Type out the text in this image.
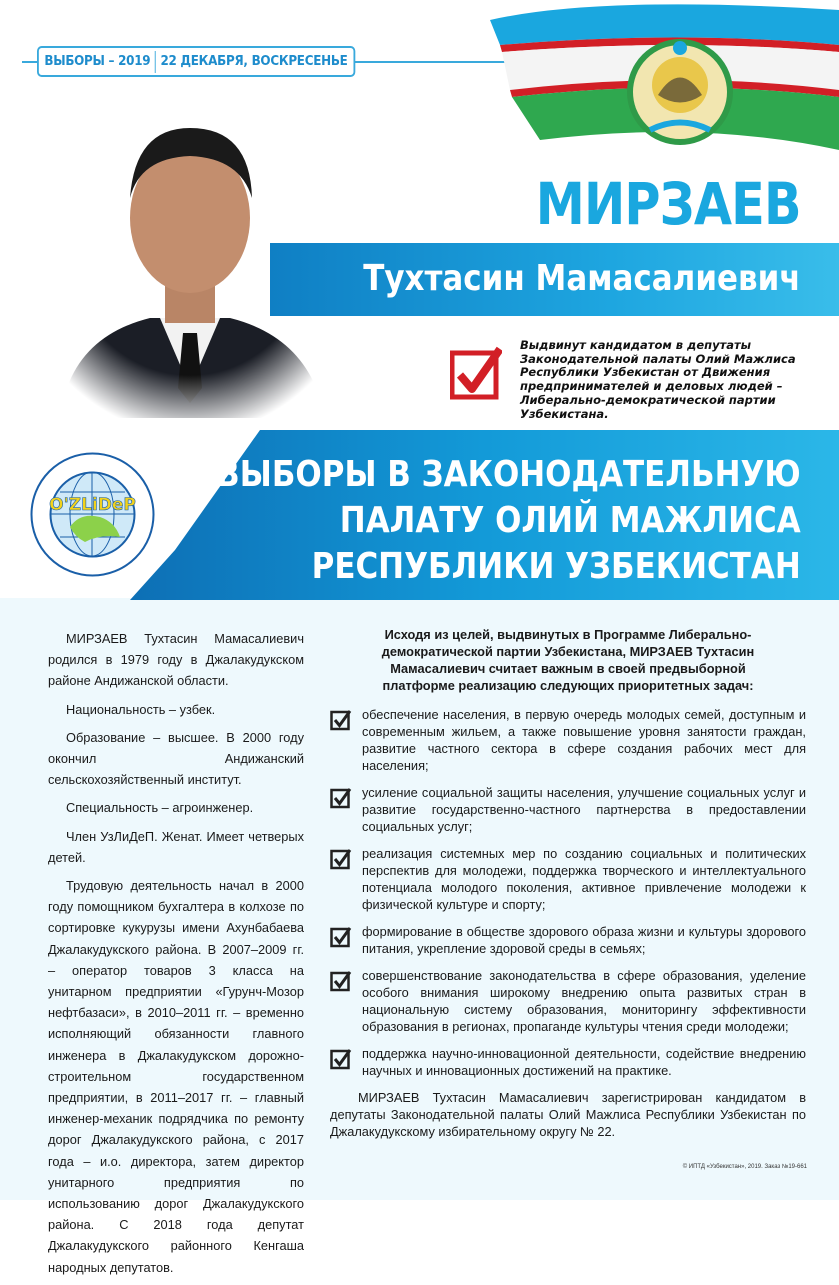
ВЫБОРЫ – 2019 22 ДЕКАБРЯ, ВОСКРЕСЕНЬЕ
МИРЗАЕВ
Тухтасин Мамасалиевич
Выдвинут кандидатом в депутаты Законодательной палаты Олий Мажлиса Республики Узбекистан от Движения предпринимателей и деловых людей – Либерально-демократической партии Узбекистана.
ВЫБОРЫ В ЗАКОНОДАТЕЛЬНУЮ
ПАЛАТУ ОЛИЙ МАЖЛИСА
РЕСПУБЛИКИ УЗБЕКИСТАН
O'ZLiDeP

МИРЗАЕВ Тухтасин Мамасалиевич родился в 1979 году в Джалакудукском районе Андижанской области.

Национальность – узбек.

Образование – высшее. В 2000 году окончил Андижанский сельскохозяйственный институт.

Специальность – агроинженер.

Член УзЛиДеП. Женат. Имеет четверых детей.

Трудовую деятельность начал в 2000 году помощником бухгалтера в колхозе по сортировке кукурузы имени Ахунбабаева Джалакудукского района. В 2007–2009 гг. – оператор товаров 3 класса на унитарном предприятии «Гурунч-Мозор нефтбазаси», в 2010–2011 гг. – временно исполняющий обязанности главного инженера в Джалакудукском дорожно-строительном государственном предприятии, в 2011–2017 гг. – главный инженер-механик подрядчика по ремонту дорог Джалакудукского района, с 2017 года – и.о. директора, затем директор унитарного предприятия по использованию дорог Джалакудукского района. С 2018 года депутат Джалакудукского районного Кенгаша народных депутатов.

Исходя из целей, выдвинутых в Программе Либерально-демократической партии Узбекистана, МИРЗАЕВ Тухтасин Мамасалиевич считает важным в своей предвыборной платформе реализацию следующих приоритетных задач:
обеспечение населения, в первую очередь молодых семей, доступным и современным жильем, а также повышение уровня занятости граждан, развитие частного сектора в сфере создания рабочих мест для населения;
усиление социальной защиты населения, улучшение социальных услуг и развитие государственно-частного партнерства в предоставлении социальных услуг;
реализация системных мер по созданию социальных и политических перспектив для молодежи, поддержка творческого и интеллектуального потенциала молодого поколения, активное привлечение молодежи к физической культуре и спорту;
формирование в обществе здорового образа жизни и культуры здорового питания, укрепление здоровой среды в семьях;
совершенствование законодательства в сфере образования, уделение особого внимания широкому внедрению опыта развитых стран в национальную систему образования, мониторингу эффективности образования в регионах, пропаганде культуры чтения среди молодежи;
поддержка научно-инновационной деятельности, содействие внедрению научных и инновационных достижений на практике.
МИРЗАЕВ Тухтасин Мамасалиевич зарегистрирован кандидатом в депутаты Законодательной палаты Олий Мажлиса Республики Узбекистан по Джалакудукскому избирательному округу № 22.
© ИПТД «Узбекистан», 2019. Заказ №19-661
